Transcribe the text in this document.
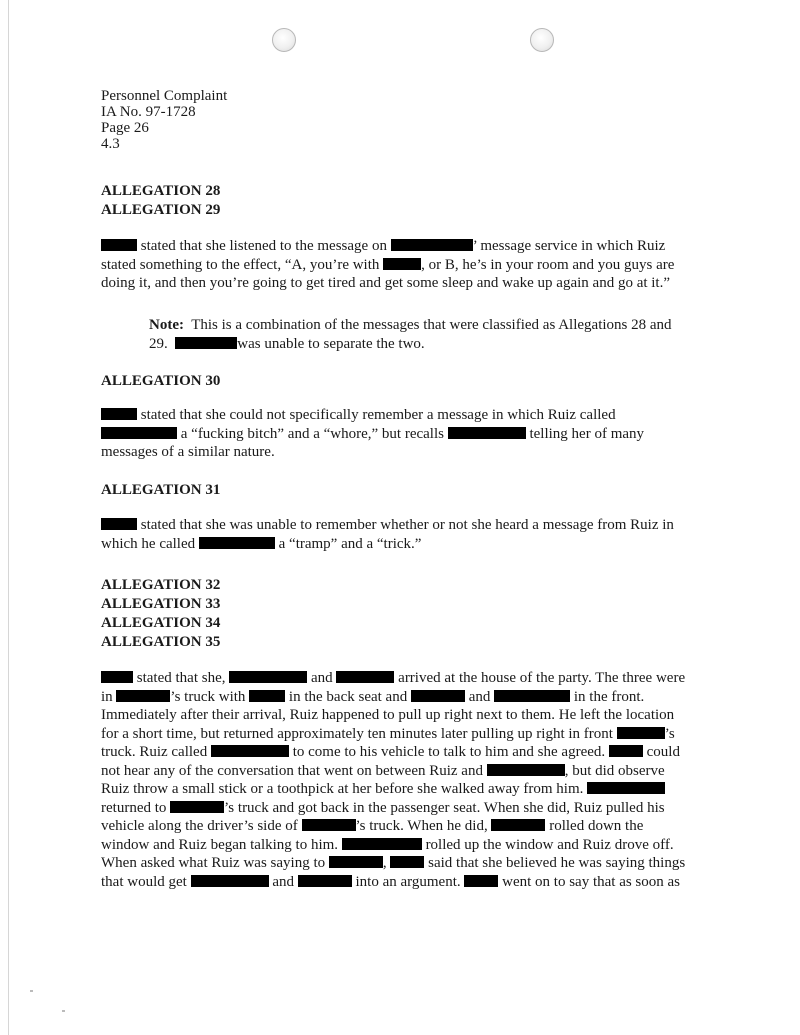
Personnel Complaint
IA No. 97-1728
Page 26
4.3
ALLEGATION 28
ALLEGATION 29
stated that she listened to the message on	’ message service in which Ruiz
stated something to the effect, “A, you’re with	, or B, he’s in your room and you guys are
doing it, and then you’re going to get tired and get some sleep and wake up again and go at it.”
Note: This is a combination of the messages that were classified as Allegations 28 and
29.	was unable to separate the two.
ALLEGATION 30
stated that she could not specifically remember a message in which Ruiz called
a “fucking bitch” and a “whore,” but recalls	telling her of many
messages of a similar nature.
ALLEGATION 31
stated that she was unable to remember whether or not she heard a message from Ruiz in
which he called	a “tramp” and a “trick.”
ALLEGATION 32
ALLEGATION 33
ALLEGATION 34
ALLEGATION 35
stated that she,	and	arrived at the house of the party. The three were
in	’s truck with	in the back seat and	and	in the front.
Immediately after their arrival, Ruiz happened to pull up right next to them. He left the location
for a short time, but returned approximately ten minutes later pulling up right in front	’s
truck. Ruiz called	to come to his vehicle to talk to him and she agreed.	could
not hear any of the conversation that went on between Ruiz and	, but did observe
Ruiz throw a small stick or a toothpick at her before she walked away from him.
returned to	’s truck and got back in the passenger seat. When she did, Ruiz pulled his
vehicle along the driver’s side of	’s truck. When he did,	rolled down the
window and Ruiz began talking to him.	rolled up the window and Ruiz drove off.
When asked what Ruiz was saying to	,	said that she believed he was saying things
that would get	and	into an argument.	went on to say that as soon as
